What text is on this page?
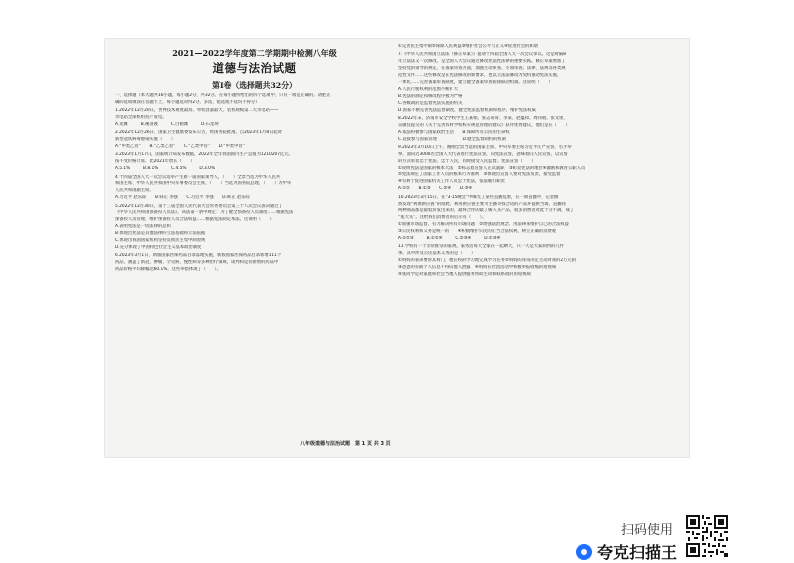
2021—2022学年度第二学期期中检测八年级
道德与法治试题
第Ⅰ卷（选择题共32分）
一、选择题（本大题共16小题，每小题2分，共32分。在每小题所给出的四个选项中，只有一项是正确的。请把正
确的选项填涂在答题卡上，每小题选对得2分，多选、错选或不选均不得分）
1.2022年12月20日，世界技术难度最高、单机容量最大、装机规模第二大水电站——
水电站全部机组投产发电。
A.龙滩　　　B.溪洛渡　　　C.白鹤滩　　　D.石龙坝
2.2022年12月26日，国家卫生健康委发布公告，经国务院批准，自2023年1月8日起对
新型冠状病毒感染实施（　　）
A.“甲类乙管”　　B.“乙类乙管”　　C.“乙类甲管”　　D.“甲类甲管”
3.2023年1月17日，国家统计局发布数据，2022年全年我国国内生产总值为1210207亿元，
按不变价格计算，比2021年增长（　　）
A.5.1%　　　B.8.1%　　　C.4.5%　　　D.3.0%
4.十四届全国人大一次会议选举产生新一届国家领导人，（　　）全票当选为中华人民共
和国主席、中华人民共和国中央军事委员会主席，（　　）当选为国务院总理，（　　）为中华
人民共和国副主席。
A.习近平 赵乐际　　B.韩正 李强　　C.习近平 李强　　D.韩正 赵乐际
5.2022年12月30日，第十三届全国人民代表大会常务委员会第三十八次会议表决通过了
《中华人民共和国预备役人员法》，该法第一条中规定：为了健全预备役人员制度……根据宪法
预备役人员管理，维护预备役人员合法权益……根据宪法制定本法。这说明（　　）
A.表明宪法是一切法律的总和
B.体现出宪法是其他法律的立法基础和立法依据
C.体现出我国国家机构坚持贯彻民主集中制原则
D.充分体现了中国特色社会主义基本政治制度
6.2023年3月1日，新版国家医保药品目录落地实施，新版国家医保药品目录新增111个
药品，涵盖了新冠、肿瘤、罕见病、慢性病等多种治疗领域，谈判和竞价新增的药品中
药品价格平均降幅达60.1%，这些举措体现了（　　）。
①完善民主集中制②保障人民利益③维护社会公平与正义④促进社会的和谐
7.《中华人民共和国立法法（修正草案）》提请十四届全国人大一次会议审议。这是时隔8
年立法法又一次修改，是全国人大会议通过修改宪法性法律的重要实践。修正草案增加了
坚持党的领导的规定，在备案审查方面，加强主动审查、专项审查；法律、法规等各类规
范性文件……这些修改是在宪法修改的新要求，也以立法法修改为契机推动宪法实施，
一体化……完善备案审查制度，建立健全备案审查衔接联动机制。这说明（　　）
A.人民行使权利的范围不断扩大
B.宪法的制定和修改程序极为严格
C.各级政府是监督宪法实施的机关
D.国家不断完善宪法监督制度，健全宪法监督机制和程序，维护宪法权威
8.2022年末，济南市安全学校学生王某娟、张志哥哥、李某、赵蕴和、周伟航、张文瑶、
吴敏仪提交的《关于完善农村学校校车规范管理的建议》获评优秀建议，他们是在（　　）
A.依法积极参与国家政治生活　　B.保障所有公民的生命权
C.直接参与国家管理　　　　　　D.健全监督制约的机制
9.2023年3月10日上午，刚刚全票当选的国家主席、中央军委主席习近平庄严宣誓，右手举
拳，面向近3000名全国人大代表进行宪法宣誓，向宪法宣誓，意味着向人民宣誓，以宣誓
的方式彰显忠于宪法、忠于人民，同时接受人民监督。宪法宣誓（　　）
①说明宪法是国家的根本大法　②标志着宣誓人正式就职　③彰显宪法的地位④激励和教育公职人员
②宪法规定了国家工作人员的根本行为准则　③体现出宣誓人要对宪法负责，接受监督
④有利于促进国家机关工作人员忠于宪法，依法履行职责
A.①②　　B.①③　　C.②④　　D.③④
10.2023年3月15日，在“3·15晚会”中曝光了某些直播乱象，在一期直播中，记者偶
然发现“利诱供应链”的招聘，利用供应链主要为主播寻找合适的产品并提供当场，直播间
两种商品都是最低价发出来的，最终合作的最了解人买产品，很多消费者对此十分不满，成了
“冤大头”。这给我们消费者的启示有（　　）。
①加强市场监督，有力解决所有市场问题　②增强法治观念，用法律来维护自己的合法权益
③公民权利和义务是统一的　　④积极维护公民的正当合法权利，树立正确的消费观
A.①②③　　　B.①②④　　　C.②③④　　　D.①③④
11.学校有一个非常推崇的家规，家务活每天全家在一起晒天，只一天是大家制到的几件
事。其中涉及公民基本义务的是（　　）
①妈妈的表弟要帮其看门，他在校的学习地完成学习任务②妈妈的哥哥决定主动对我的2万元捐
③爸爸的有限个人信息不得向他人泄露　④妈妈在社团活动中积极举报收缩的短视频
⑤张同学是对家庭和社会当地人提供服务帮助主动和联系政府的短视频
八年级道德与法治试题　第 1 页 共 3 页
扫码使用
夸克扫描王
